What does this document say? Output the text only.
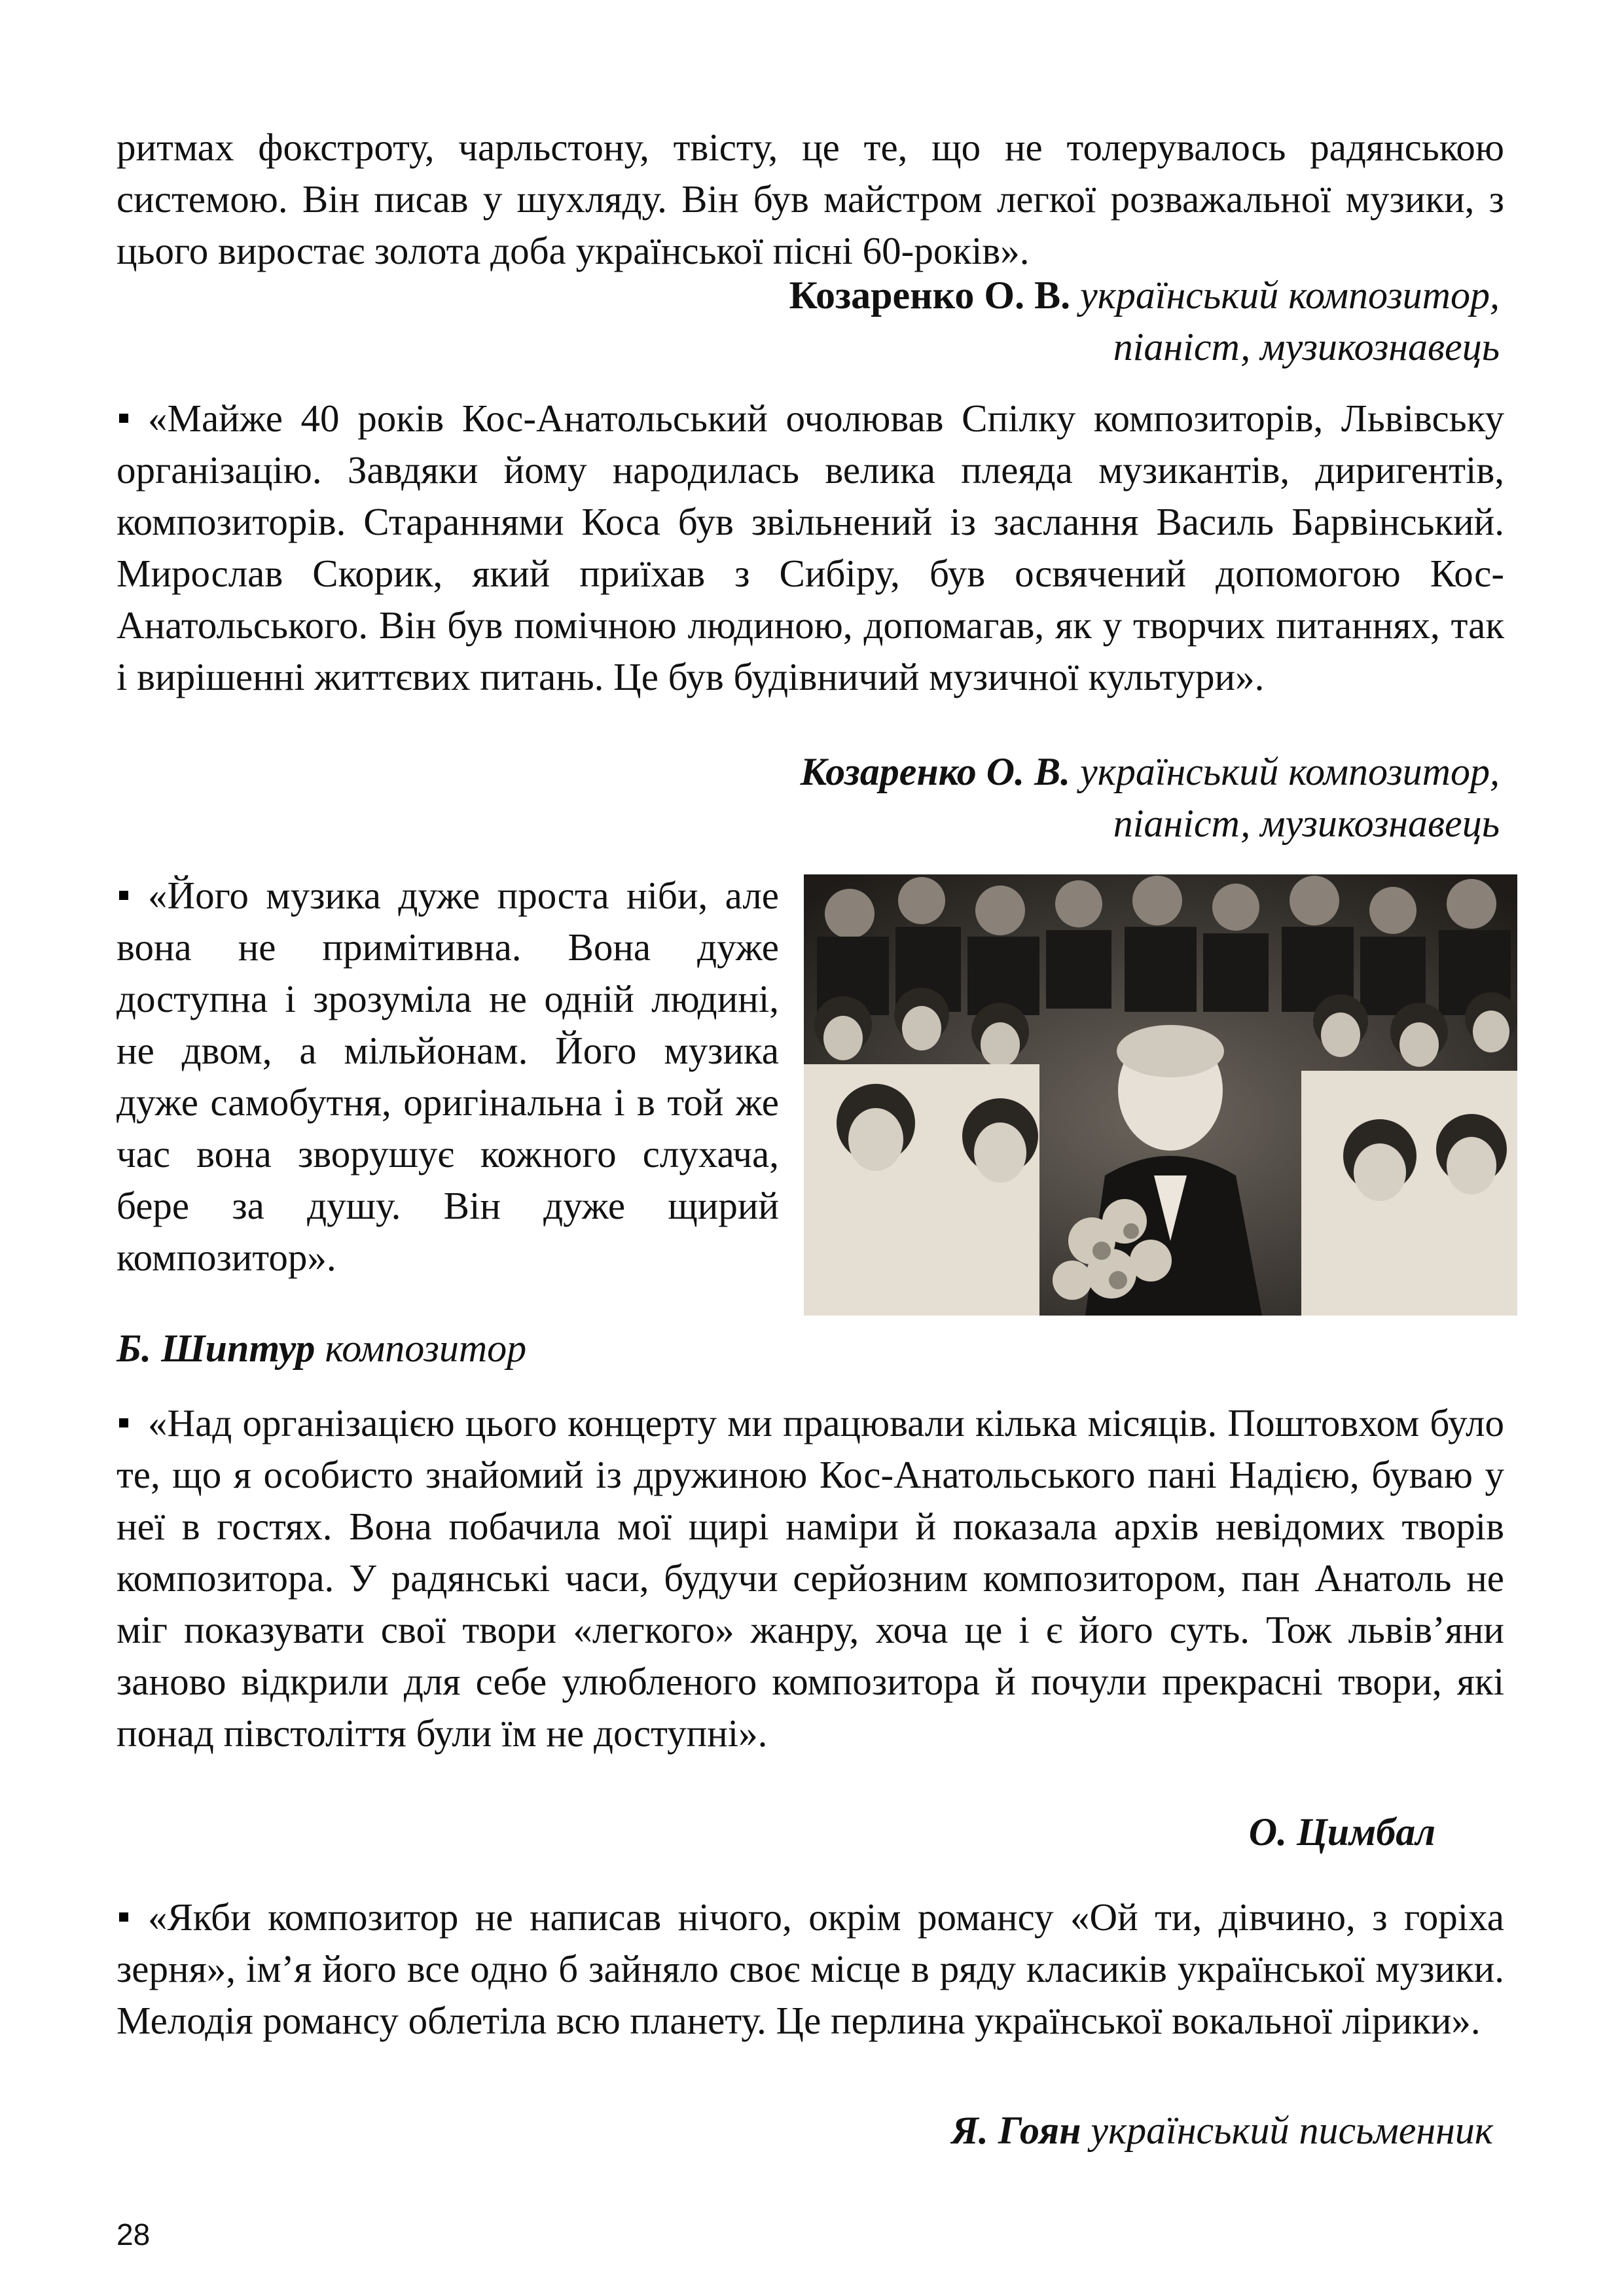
ритмах фокстроту, чарльстону, твісту, це те, що не толерувалось радянською системою. Він писав у шухляду. Він був майстром легкої розважальної музики, з цього виростає золота доба української пісні 60-років».

Козаренко О. В. український композитор,
піаніст, музикознавець

«Майже 40 років Кос-Анатольський очолював Спілку композиторів, Львівську організацію. Завдяки йому народилась велика плеяда музикантів, диригентів, композиторів. Стараннями Коса був звільнений із заслання Василь Барвінський. Мирослав Скорик, який приїхав з Сибіру, був освячений допомогою Кос-Анатольського. Він був помічною людиною, допомагав, як у творчих питаннях, так і вирішенні життєвих питань. Це був будівничий музичної культури».

Козаренко О. В. український композитор,
піаніст, музикознавець

«Його музика дуже проста ніби, але вона не примітивна. Вона дуже доступна і зрозуміла не одній людині, не двом, а мільйонам. Його музика дуже самобутня, оригінальна і в той же час вона зворушує кожного слухача, бере за душу. Він дуже щирий композитор».

Б. Шиптур композитор

«Над організацією цього концерту ми працювали кілька місяців. Поштовхом було те, що я особисто знайомий із дружиною Кос-Анатольського пані Надією, буваю у неї в гостях. Вона побачила мої щирі наміри й показала архів невідомих творів композитора. У радянські часи, будучи серйозним композитором, пан Анатоль не міг показувати свої твори «легкого» жанру, хоча це і є його суть. Тож львів’яни заново відкрили для себе улюбленого композитора й почули прекрасні твори, які понад півстоліття були їм не доступні».

О. Цимбал

«Якби композитор не написав нічого, окрім романсу «Ой ти, дівчино, з горіха зерня», ім’я його все одно б зайняло своє місце в ряду класиків української музики. Мелодія романсу облетіла всю планету. Це перлина української вокальної лірики».

Я. Гоян український письменник
28
